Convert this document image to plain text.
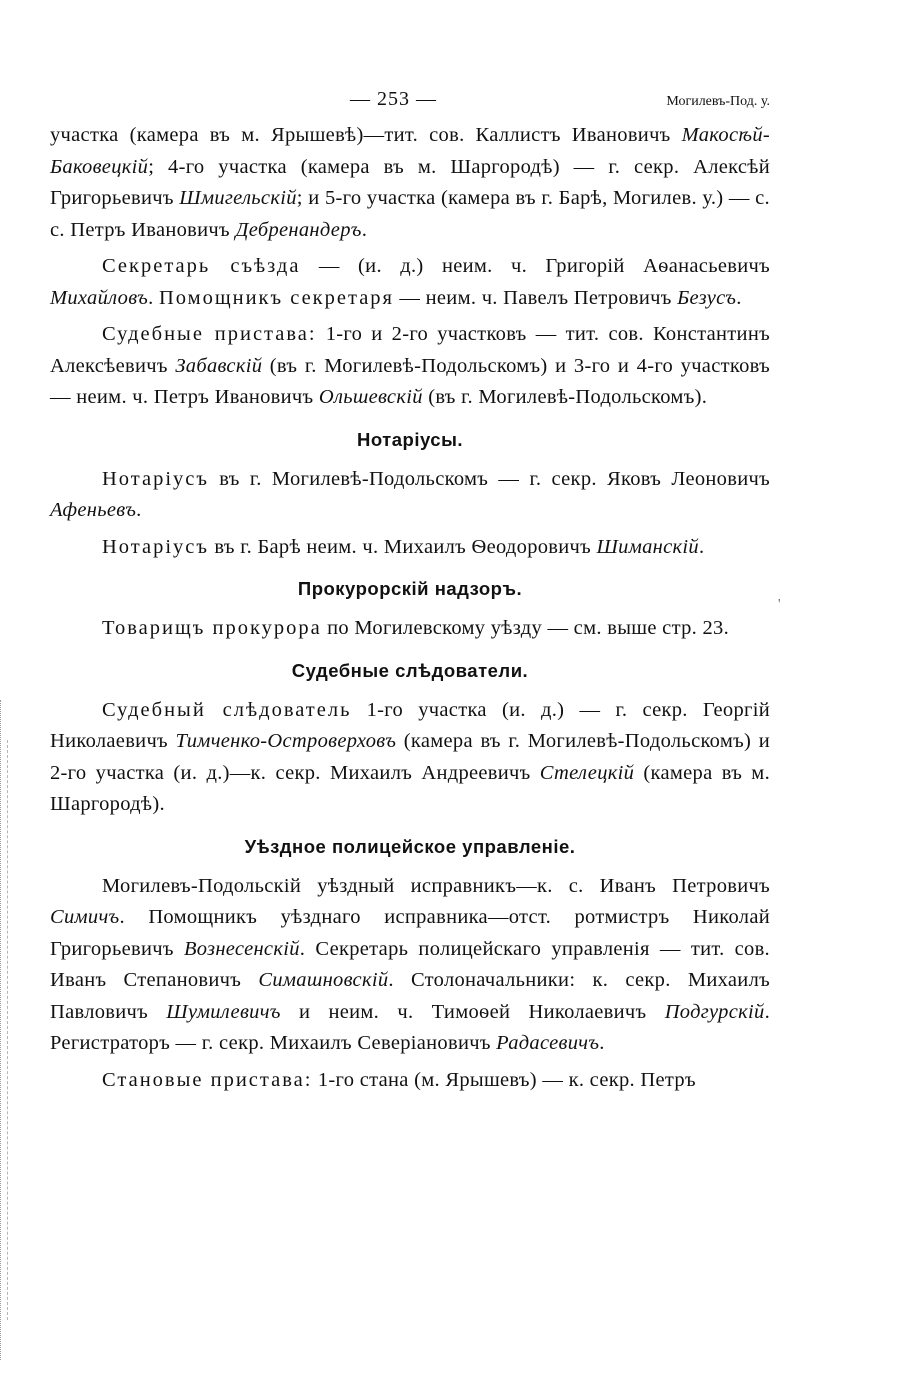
'
— 253 —	Могилевъ-Под. у.

участка (камера въ м. Ярышевѣ)—тит. сов. Каллистъ Ивановичъ Макосѣй-Баковецкій; 4-го участка (камера въ м. Шаргородѣ) — г. секр. Алексѣй Григорьевичъ Шмигельскій; и 5-го участка (камера въ г. Барѣ, Могилев. у.) — с. с. Петръ Ивановичъ Дебренандеръ.

Секретарь съѣзда — (и. д.) неим. ч. Григорій Аѳанасьевичъ Михайловъ. Помощникъ секретаря — неим. ч. Павелъ Петровичъ Безусъ.

Судебные пристава: 1-го и 2-го участковъ — тит. сов. Константинъ Алексѣевичъ Забавскій (въ г. Могилевѣ-Подольскомъ) и 3-го и 4-го участковъ — неим. ч. Петръ Ивановичъ Ольшевскій (въ г. Могилевѣ-Подольскомъ).

Нотаріусы.

Нотаріусъ въ г. Могилевѣ-Подольскомъ — г. секр. Яковъ Леоновичъ Афеньевъ.

Нотаріусъ въ г. Барѣ неим. ч. Михаилъ Ѳеодоровичъ Шиманскій.

Прокурорскій надзоръ.

Товарищъ прокурора по Могилевскому уѣзду — см. выше стр. 23.

Судебные слѣдователи.

Судебный слѣдователь 1-го участка (и. д.) — г. секр. Георгій Николаевичъ Тимченко-Островерховъ (камера въ г. Могилевѣ-Подольскомъ) и 2-го участка (и. д.)—к. секр. Михаилъ Андреевичъ Стелецкій (камера въ м. Шаргородѣ).

Уѣздное полицейское управленіе.

Могилевъ-Подольскій уѣздный исправникъ—к. с. Иванъ Петровичъ Симичъ. Помощникъ уѣзднаго исправника—отст. ротмистръ Николай Григорьевичъ Вознесенскій. Секретарь полицейскаго управленія — тит. сов. Иванъ Степановичъ Симашновскій. Столоначальники: к. секр. Михаилъ Павловичъ Шумилевичъ и неим. ч. Тимоѳей Николаевичъ Подгурскій. Регистраторъ — г. секр. Михаилъ Северіановичъ Радасевичъ.

Становые пристава: 1-го стана (м. Ярышевъ) — к. секр. Петръ
